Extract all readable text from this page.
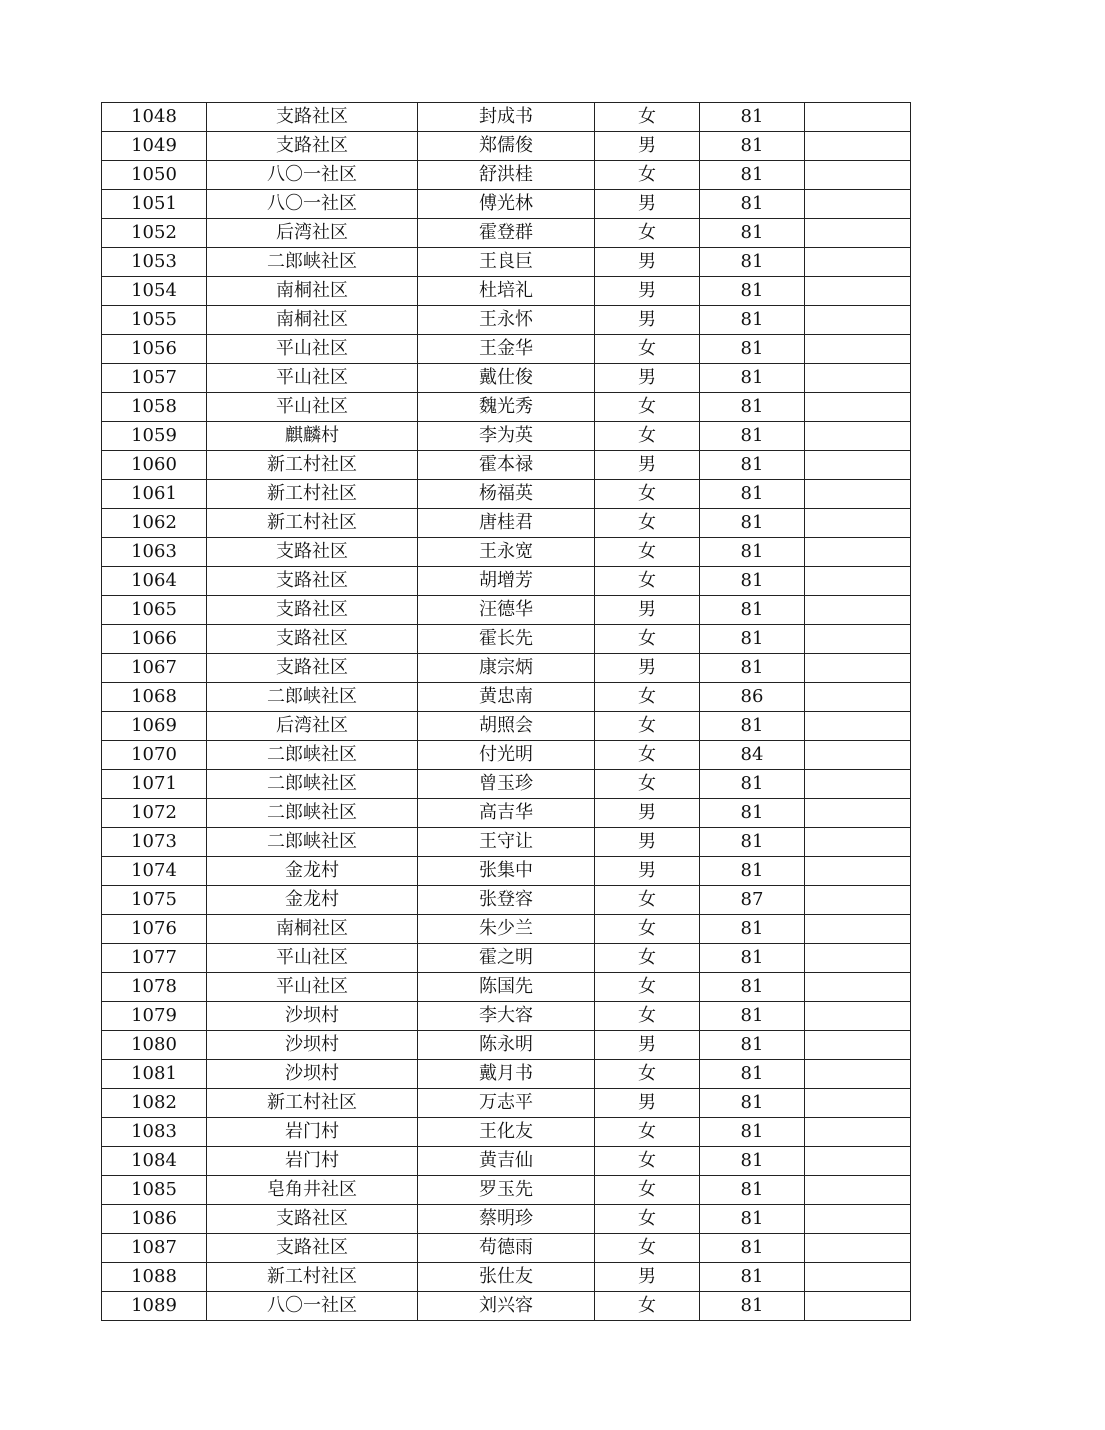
1048	支路社区	封成书	女	81	
1049	支路社区	郑儒俊	男	81	
1050	八〇一社区	舒洪桂	女	81	
1051	八〇一社区	傅光林	男	81	
1052	后湾社区	霍登群	女	81	
1053	二郎峡社区	王良巨	男	81	
1054	南桐社区	杜培礼	男	81	
1055	南桐社区	王永怀	男	81	
1056	平山社区	王金华	女	81	
1057	平山社区	戴仕俊	男	81	
1058	平山社区	魏光秀	女	81	
1059	麒麟村	李为英	女	81	
1060	新工村社区	霍本禄	男	81	
1061	新工村社区	杨福英	女	81	
1062	新工村社区	唐桂君	女	81	
1063	支路社区	王永宽	女	81	
1064	支路社区	胡增芳	女	81	
1065	支路社区	汪德华	男	81	
1066	支路社区	霍长先	女	81	
1067	支路社区	康宗炳	男	81	
1068	二郎峡社区	黄忠南	女	86	
1069	后湾社区	胡照会	女	81	
1070	二郎峡社区	付光明	女	84	
1071	二郎峡社区	曾玉珍	女	81	
1072	二郎峡社区	高吉华	男	81	
1073	二郎峡社区	王守让	男	81	
1074	金龙村	张集中	男	81	
1075	金龙村	张登容	女	87	
1076	南桐社区	朱少兰	女	81	
1077	平山社区	霍之明	女	81	
1078	平山社区	陈国先	女	81	
1079	沙坝村	李大容	女	81	
1080	沙坝村	陈永明	男	81	
1081	沙坝村	戴月书	女	81	
1082	新工村社区	万志平	男	81	
1083	岩门村	王化友	女	81	
1084	岩门村	黄吉仙	女	81	
1085	皂角井社区	罗玉先	女	81	
1086	支路社区	蔡明珍	女	81	
1087	支路社区	苟德雨	女	81	
1088	新工村社区	张仕友	男	81	
1089	八〇一社区	刘兴容	女	81	
